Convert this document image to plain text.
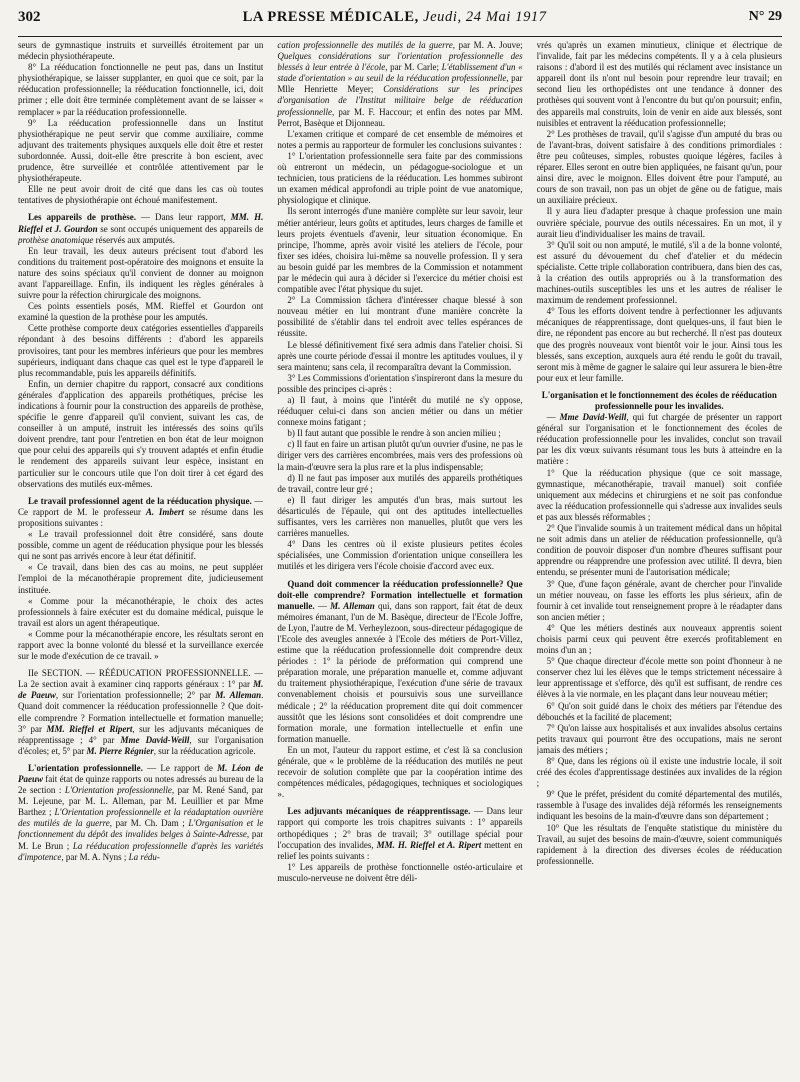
302	LA PRESSE MÉDICALE, Jeudi, 24 Mai 1917	N° 29

seurs de gymnastique instruits et surveillés étroitement par un médecin physiothérapeute.

8° La rééducation fonctionnelle ne peut pas, dans un Institut physiothérapique, se laisser supplanter, en quoi que ce soit, par la rééducation professionnelle; la rééducation fonctionnelle, ici, doit primer ; elle doit être terminée complètement avant de se laisser « remplacer » par la rééducation professionnelle.

9° La rééducation professionnelle dans un Institut physiothérapique ne peut servir que comme auxiliaire, comme adjuvant des traitements physiques auxquels elle doit être et rester subordonnée. Aussi, doit-elle être prescrite à bon escient, avec prudence, être surveillée et contrôlée attentivement par le physiothérapeute.

Elle ne peut avoir droit de cité que dans les cas où toutes tentatives de physiothérapie ont échoué manifestement.

Les appareils de prothèse. — Dans leur rapport, MM. H. Rieffel et J. Gourdon se sont occupés uniquement des appareils de prothèse anatomique réservés aux amputés.

En leur travail, les deux auteurs précisent tout d'abord les conditions du traitement post-opératoire des moignons et ensuite la nature des soins spéciaux qu'il convient de donner au moignon avant l'appareillage. Enfin, ils indiquent les règles générales à suivre pour la réfection chirurgicale des moignons.

Ces points essentiels posés, MM. Rieffel et Gourdon ont examiné la question de la prothèse pour les amputés.

Cette prothèse comporte deux catégories essentielles d'appareils répondant à des besoins différents : d'abord les appareils provisoires, tant pour les membres inférieurs que pour les membres supérieurs, indiquant dans chaque cas quel est le type d'appareil le plus recommandable, puis les appareils définitifs.

Enfin, un dernier chapitre du rapport, consacré aux conditions générales d'application des appareils prothétiques, précise les indications à fournir pour la construction des appareils de prothèse, spécifie le genre d'appareil qu'il convient, suivant les cas, de conseiller à un amputé, instruit les intéressés des soins qu'ils doivent prendre, tant pour l'entretien en bon état de leur moignon que pour celui des appareils qui s'y trouvent adaptés et enfin étudie le rendement des appareils suivant leur espèce, insistant en particulier sur le concours utile que l'on doit tirer à cet égard des observations des mutilés eux-mêmes.

Le travail professionnel agent de la rééducation physique. — Ce rapport de M. le professeur A. Imbert se résume dans les propositions suivantes :

« Le travail professionnel doit être considéré, sans doute possible, comme un agent de rééducation physique pour les blessés qui ne sont pas arrivés encore à leur état définitif.

« Ce travail, dans bien des cas au moins, ne peut suppléer l'emploi de la mécanothérapie proprement dite, judicieusement instituée.

« Comme pour la mécanothérapie, le choix des actes professionnels à faire exécuter est du domaine médical, puisque le travail est alors un agent thérapeutique.

« Comme pour la mécanothérapie encore, les résultats seront en rapport avec la bonne volonté du blessé et la surveillance exercée sur le mode d'exécution de ce travail. »

IIe SECTION. — RÉÉDUCATION PROFESSIONNELLE. — La 2e section avait à examiner cinq rapports généraux : 1° par M. de Paeuw, sur l'orientation professionnelle; 2° par M. Alleman. Quand doit commencer la rééducation professionnelle ? Que doit-elle comprendre ? Formation intellectuelle et formation manuelle; 3° par MM. Rieffel et Ripert, sur les adjuvants mécaniques de réapprentissage ; 4° par Mme David-Weill, sur l'organisation d'écoles; et, 5° par M. Pierre Régnier, sur la rééducation agricole.

L'orientation professionnelle. — Le rapport de M. Léon de Paeuw fait état de quinze rapports ou notes adressés au bureau de la 2e section : L'Orientation professionnelle, par M. René Sand, par M. Lejeune, par M. L. Alleman, par M. Leuillier et par Mme Barthez ; L'Orientation professionnelle et la réadaptation ouvrière des mutilés de la guerre, par M. Ch. Dam ; L'Organisation et le fonctionnement du dépôt des invalides belges à Sainte-Adresse, par M. Le Brun ; La rééducation professionnelle d'après les variétés d'impotence, par M. A. Nyns ; La rédu-

cation professionnelle des mutilés de la guerre, par M. A. Jouve; Quelques considérations sur l'orientation professionnelle des blessés à leur entrée à l'école, par M. Carle; L'établissement d'un « stade d'orientation » au seuil de la rééducation professionnelle, par Mlle Henriette Meyer; Considérations sur les principes d'organisation de l'Institut militaire belge de rééducation professionnelle, par M. F. Haccour; et enfin des notes par MM. Perrot, Basèque et Dijonneau.

L'examen critique et comparé de cet ensemble de mémoires et notes a permis au rapporteur de formuler les conclusions suivantes :

1° L'orientation professionnelle sera faite par des commissions où entreront un médecin, un pédagogue-sociologue et un technicien, tous praticiens de la rééducation. Les hommes subiront un examen médical approfondi au triple point de vue anatomique, physiologique et clinique.

Ils seront interrogés d'une manière complète sur leur savoir, leur métier antérieur, leurs goûts et aptitudes, leurs charges de famille et leurs projets éventuels d'avenir, leur situation économique. En principe, l'homme, après avoir visité les ateliers de l'école, pour fixer ses idées, choisira lui-même sa nouvelle profession. Il y sera au besoin guidé par les membres de la Commission et notamment par le médecin qui aura à décider si l'exercice du métier choisi est compatible avec l'état physique du sujet.

2° La Commission tâchera d'intéresser chaque blessé à son nouveau métier en lui montrant d'une manière concrète la possibilité de s'établir dans tel endroit avec telles espérances de réussite.

Le blessé définitivement fixé sera admis dans l'atelier choisi. Si après une courte période d'essai il montre les aptitudes voulues, il y sera maintenu; sans cela, il recomparaîtra devant la Commission.

3° Les Commissions d'orientation s'inspireront dans la mesure du possible des principes ci-après :

a) Il faut, à moins que l'intérêt du mutilé ne s'y oppose, rééduquer celui-ci dans son ancien métier ou dans un métier connexe moins fatigant ;

b) Il faut autant que possible le rendre à son ancien milieu ;

c) Il faut en faire un artisan plutôt qu'un ouvrier d'usine, ne pas le diriger vers des carrières encombrées, mais vers des professions où la main-d'œuvre sera la plus rare et la plus indispensable;

d) Il ne faut pas imposer aux mutilés des appareils prothétiques de travail, contre leur gré ;

e) Il faut diriger les amputés d'un bras, mais surtout les désarticulés de l'épaule, qui ont des aptitudes intellectuelles suffisantes, vers les carrières non manuelles, plutôt que vers les carrières manuelles.

4° Dans les centres où il existe plusieurs petites écoles spécialisées, une Commission d'orientation unique conseillera les mutilés et les dirigera vers l'école choisie d'accord avec eux.

Quand doit commencer la rééducation professionnelle? Que doit-elle comprendre? Formation intellectuelle et formation manuelle. — M. Alleman qui, dans son rapport, fait état de deux mémoires émanant, l'un de M. Basèque, directeur de l'Ecole Joffre, de Lyon, l'autre de M. Verheylezoon, sous-directeur pédagogique de l'Ecole des aveugles annexée à l'Ecole des métiers de Port-Villez, estime que la rééducation professionnelle doit comprendre deux périodes : 1° la période de préformation qui comprend une préparation morale, une préparation manuelle et, comme adjuvant du traitement physiothérapique, l'exécution d'une série de travaux convenablement choisis et poursuivis sous une surveillance médicale ; 2° la rééducation proprement dite qui doit commencer aussitôt que les lésions sont consolidées et doit comprendre une formation morale, une formation intellectuelle et enfin une formation manuelle.

En un mot, l'auteur du rapport estime, et c'est là sa conclusion générale, que « le problème de la rééducation des mutilés ne peut recevoir de solution complète que par la coopération intime des compétences médicales, pédagogiques, techniques et sociologiques ».

Les adjuvants mécaniques de réapprentissage. — Dans leur rapport qui comporte les trois chapitres suivants : 1° appareils orthopédiques ; 2° bras de travail; 3° outillage spécial pour l'occupation des invalides, MM. H. Rieffel et A. Ripert mettent en relief les points suivants :

1° Les appareils de prothèse fonctionnelle ostéo-articulaire et musculo-nerveuse ne doivent être déli-

vrés qu'après un examen minutieux, clinique et électrique de l'invalide, fait par les médecins compétents. Il y a à cela plusieurs raisons : d'abord il est des mutilés qui réclament avec insistance un appareil dont ils n'ont nul besoin pour reprendre leur travail; en second lieu les orthopédistes ont une tendance à donner des prothèses qui souvent vont à l'encontre du but qu'on poursuit; enfin, des appareils mal construits, loin de venir en aide aux blessés, sont nuisibles et entravent la rééducation professionnelle;

2° Les prothèses de travail, qu'il s'agisse d'un amputé du bras ou de l'avant-bras, doivent satisfaire à des conditions primordiales : être peu coûteuses, simples, robustes quoique légères, faciles à réparer. Elles seront en outre bien appliquées, ne faisant qu'un, pour ainsi dire, avec le moignon. Elles doivent être pour l'amputé, au cours de son travail, non pas un objet de gêne ou de fatigue, mais un auxiliaire précieux.

Il y aura lieu d'adapter presque à chaque profession une main ouvrière spéciale, pourvue des outils nécessaires. En un mot, il y aurait lieu d'individualiser les mains de travail.

3° Qu'il soit ou non amputé, le mutilé, s'il a de la bonne volonté, est assuré du dévouement du chef d'atelier et du médecin spécialiste. Cette triple collaboration contribuera, dans bien des cas, à la création des outils appropriés ou à la transformation des machines-outils susceptibles les uns et les autres de réaliser le maximum de rendement professionnel.

4° Tous les efforts doivent tendre à perfectionner les adjuvants mécaniques de réapprentissage, dont quelques-uns, il faut bien le dire, ne répondent pas encore au but recherché. Il n'est pas douteux que des progrès nouveaux vont bientôt voir le jour. Ainsi tous les blessés, sans exception, auxquels aura été rendu le goût du travail, seront mis à même de gagner le salaire qui leur assurera le bien-être pour eux et leur famille.

L'organisation et le fonctionnement des écoles de rééducation professionnelle pour les invalides.

— Mme David-Weill, qui fut chargée de présenter un rapport général sur l'organisation et le fonctionnement des écoles de rééducation professionnelle pour les invalides, conclut son travail par les dix vœux suivants résumant tous les buts à atteindre en la matière :

1° Que la rééducation physique (que ce soit massage, gymnastique, mécanothérapie, travail manuel) soit confiée uniquement aux médecins et chirurgiens et ne soit pas confondue avec la rééducation professionnelle qui s'adresse aux invalides seuls et pas aux blessés réformables ;

2° Que l'invalide soumis à un traitement médical dans un hôpital ne soit admis dans un atelier de rééducation professionnelle, qu'à condition de pouvoir disposer d'un nombre d'heures suffisant pour apprendre ou réapprendre une profession avec utilité. Il devra, bien entendu, se présenter muni de l'autorisation médicale;

3° Que, d'une façon générale, avant de chercher pour l'invalide un métier nouveau, on fasse les efforts les plus sérieux, afin de fournir à cet invalide tout renseignement propre à le réadapter dans son ancien métier ;

4° Que les métiers destinés aux nouveaux apprentis soient choisis parmi ceux qui peuvent être exercés profitablement en moins d'un an ;

5° Que chaque directeur d'école mette son point d'honneur à ne conserver chez lui les élèves que le temps strictement nécessaire à leur apprentissage et s'efforce, dès qu'il est suffisant, de rendre ces élèves à la vie normale, en les plaçant dans leur nouveau métier;

6° Qu'on soit guidé dans le choix des métiers par l'étendue des débouchés et la facilité de placement;

7° Qu'on laisse aux hospitalisés et aux invalides absolus certains petits travaux qui pourront être des occupations, mais ne seront jamais des métiers ;

8° Que, dans les régions où il existe une industrie locale, il soit créé des écoles d'apprentissage destinées aux invalides de la région ;

9° Que le préfet, président du comité départemental des mutilés, rassemble à l'usage des invalides déjà réformés les renseignements indiquant les besoins de la main-d'œuvre dans son département ;

10° Que les résultats de l'enquête statistique du ministère du Travail, au sujet des besoins de main-d'œuvre, soient communiqués rapidement à la direction des diverses écoles de rééducation professionnelle.
